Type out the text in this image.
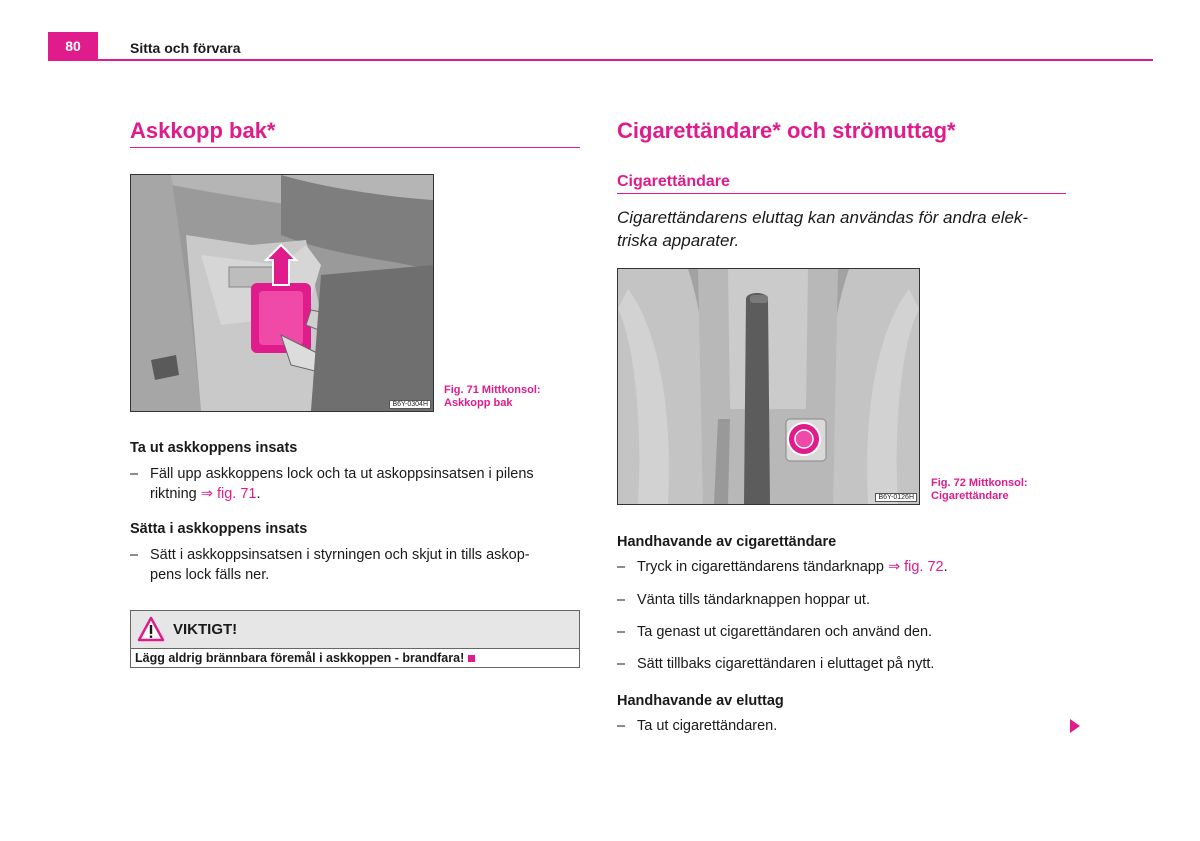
80	Sitta och förvara
Askkopp bak*
B6Y-0304H
Fig. 71 Mittkonsol:
Askkopp bak
Ta ut askkoppens insats
– Fäll upp askkoppens lock och ta ut askoppsinsatsen i pilens
riktning ⇒ fig. 71.
Sätta i askkoppens insats
– Sätt i askkoppsinsatsen i styrningen och skjut in tills askop-
pens lock fälls ner.
VIKTIGT!
Lägg aldrig brännbara föremål i askkoppen - brandfara!
Cigarettändare* och strömuttag*
Cigarettändare
Cigarettändarens eluttag kan användas för andra elek-
triska apparater.
B6Y-0126H
Fig. 72 Mittkonsol:
Cigarettändare
Handhavande av cigarettändare
– Tryck in cigarettändarens tändarknapp ⇒ fig. 72.
– Vänta tills tändarknappen hoppar ut.
– Ta genast ut cigarettändaren och använd den.
– Sätt tillbaks cigarettändaren i eluttaget på nytt.
Handhavande av eluttag
– Ta ut cigarettändaren.
